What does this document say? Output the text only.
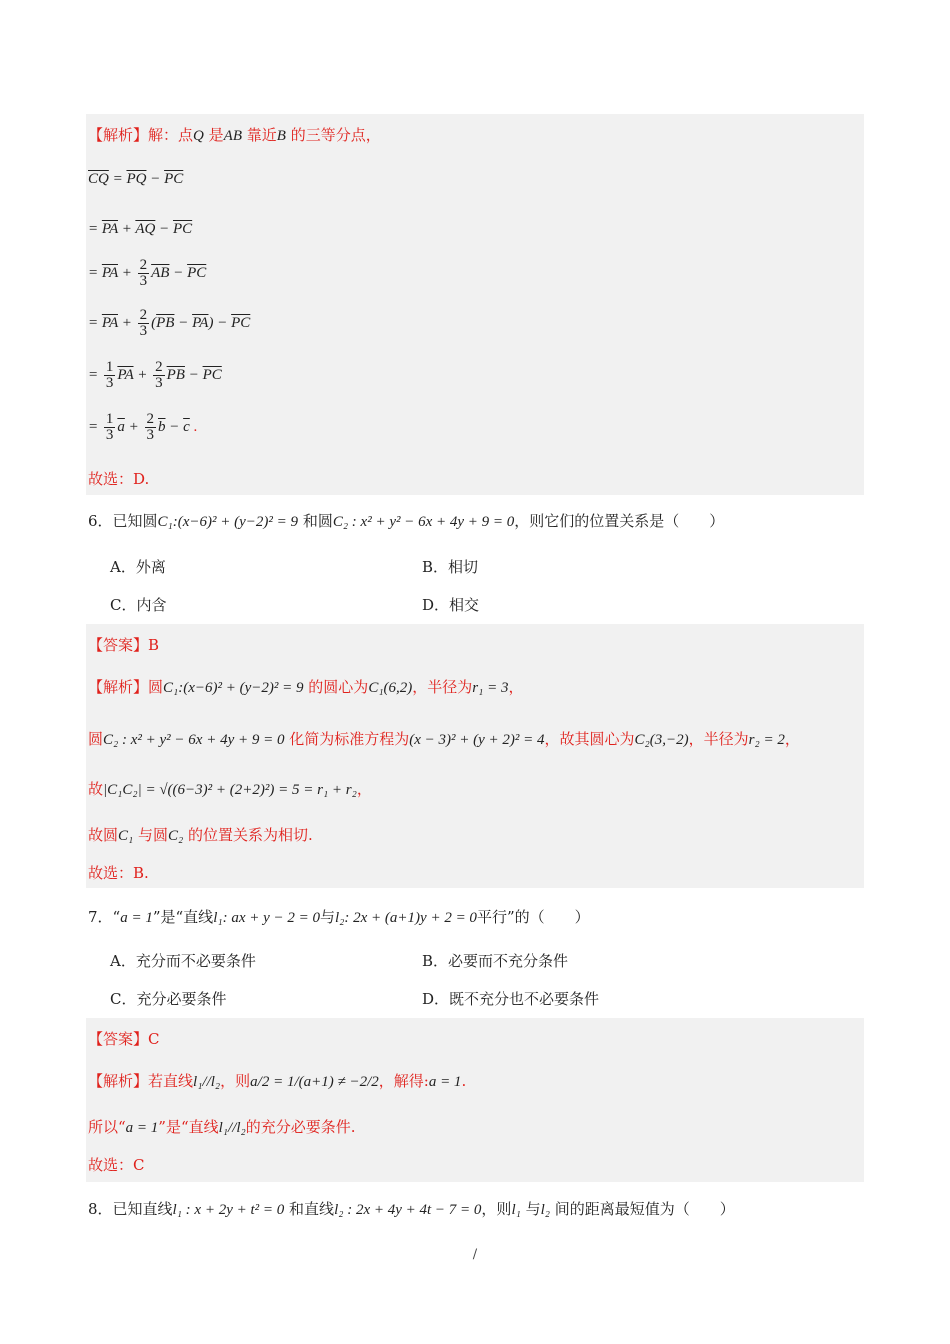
【解析】解：点Q 是AB 靠近B 的三等分点，
$\overline{CQ} = \overline{PQ} - \overline{PC}$
= $\overline{PA} + \overline{AQ} - \overline{PC}$
= $\overline{PA} + \frac{2}{3} \overline{AB} - \overline{PC}$
= $\overline{PA} + \frac{2}{3} (\overline{PB} - \overline{PA}) - \overline{PC}$
= $\frac{1}{3} \overline{PA} + \frac{2}{3} \overline{PB} - \overline{PC}$
= $\frac{1}{3} \overline{a} + \frac{2}{3} \overline{b} - \overline{c}$ .
故选：D.
6．已知圆C₁:(x−6)² + (y−2)² = 9 和圆C₂ : x² + y² − 6x + 4y + 9 = 0，则它们的位置关系是（　　）
A．外离	B．相切
C．内含	D．相交
【答案】B
【解析】圆C₁:(x−6)² + (y−2)² = 9 的圆心为C₁(6,2)，半径为r₁ = 3，
圆C₂ : x² + y² − 6x + 4y + 9 = 0 化简为标准方程为(x − 3)² + (y + 2)² = 4，故其圆心为C₂(3,−2)，半径为r₂ = 2，
故|C₁C₂| = √((6−3)² + (2+2)²) = 5 = r₁ + r₂，
故圆C₁ 与圆C₂ 的位置关系为相切.
故选：B.
7．“a = 1”是“直线l₁: ax + y − 2 = 0与l₂: 2x + (a+1)y + 2 = 0平行”的（　　）
A．充分而不必要条件	B．必要而不充分条件
C．充分必要条件	D．既不充分也不必要条件
【答案】C
【解析】若直线l₁//l₂，则a/2 = 1/(a+1) ≠ −2/2，解得:a = 1.
所以“a = 1”是“直线l₁//l₂的充分必要条件.
故选：C
8．已知直线l₁ : x + 2y + t² = 0 和直线l₂ : 2x + 4y + 4t − 7 = 0，则l₁ 与l₂ 间的距离最短值为（　　）
/
